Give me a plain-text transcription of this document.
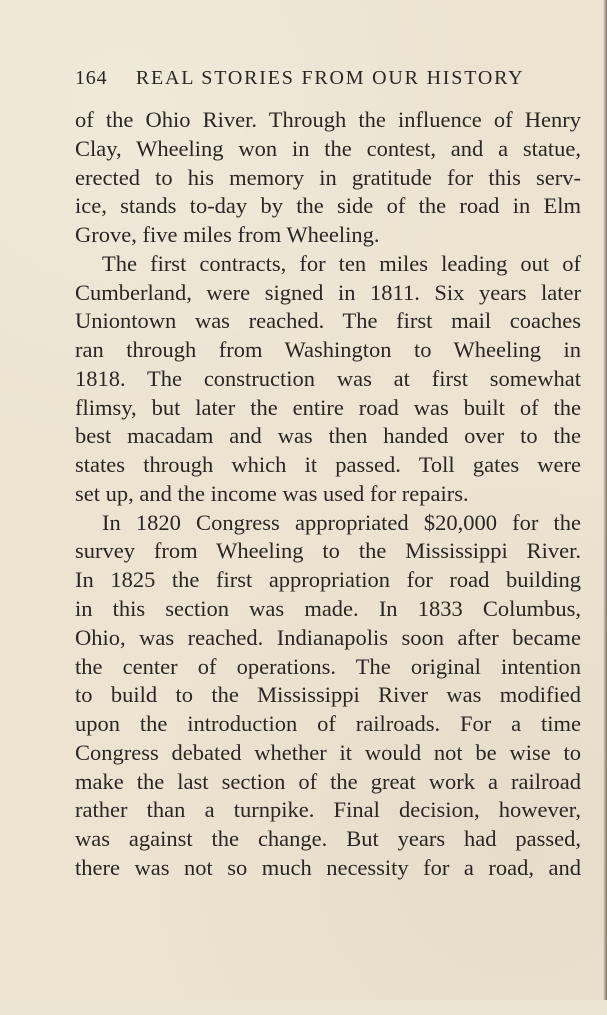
164 REAL STORIES FROM OUR HISTORY
of the Ohio River. Through the influence of Henry
Clay, Wheeling won in the contest, and a statue,
erected to his memory in gratitude for this serv-
ice, stands to-day by the side of the road in Elm
Grove, five miles from Wheeling.
The first contracts, for ten miles leading out of
Cumberland, were signed in 1811. Six years later
Uniontown was reached. The first mail coaches
ran through from Washington to Wheeling in
1818. The construction was at first somewhat
flimsy, but later the entire road was built of the
best macadam and was then handed over to the
states through which it passed. Toll gates were
set up, and the income was used for repairs.
In 1820 Congress appropriated $20,000 for the
survey from Wheeling to the Mississippi River.
In 1825 the first appropriation for road building
in this section was made. In 1833 Columbus,
Ohio, was reached. Indianapolis soon after became
the center of operations. The original intention
to build to the Mississippi River was modified
upon the introduction of railroads. For a time
Congress debated whether it would not be wise to
make the last section of the great work a railroad
rather than a turnpike. Final decision, however,
was against the change. But years had passed,
there was not so much necessity for a road, and
